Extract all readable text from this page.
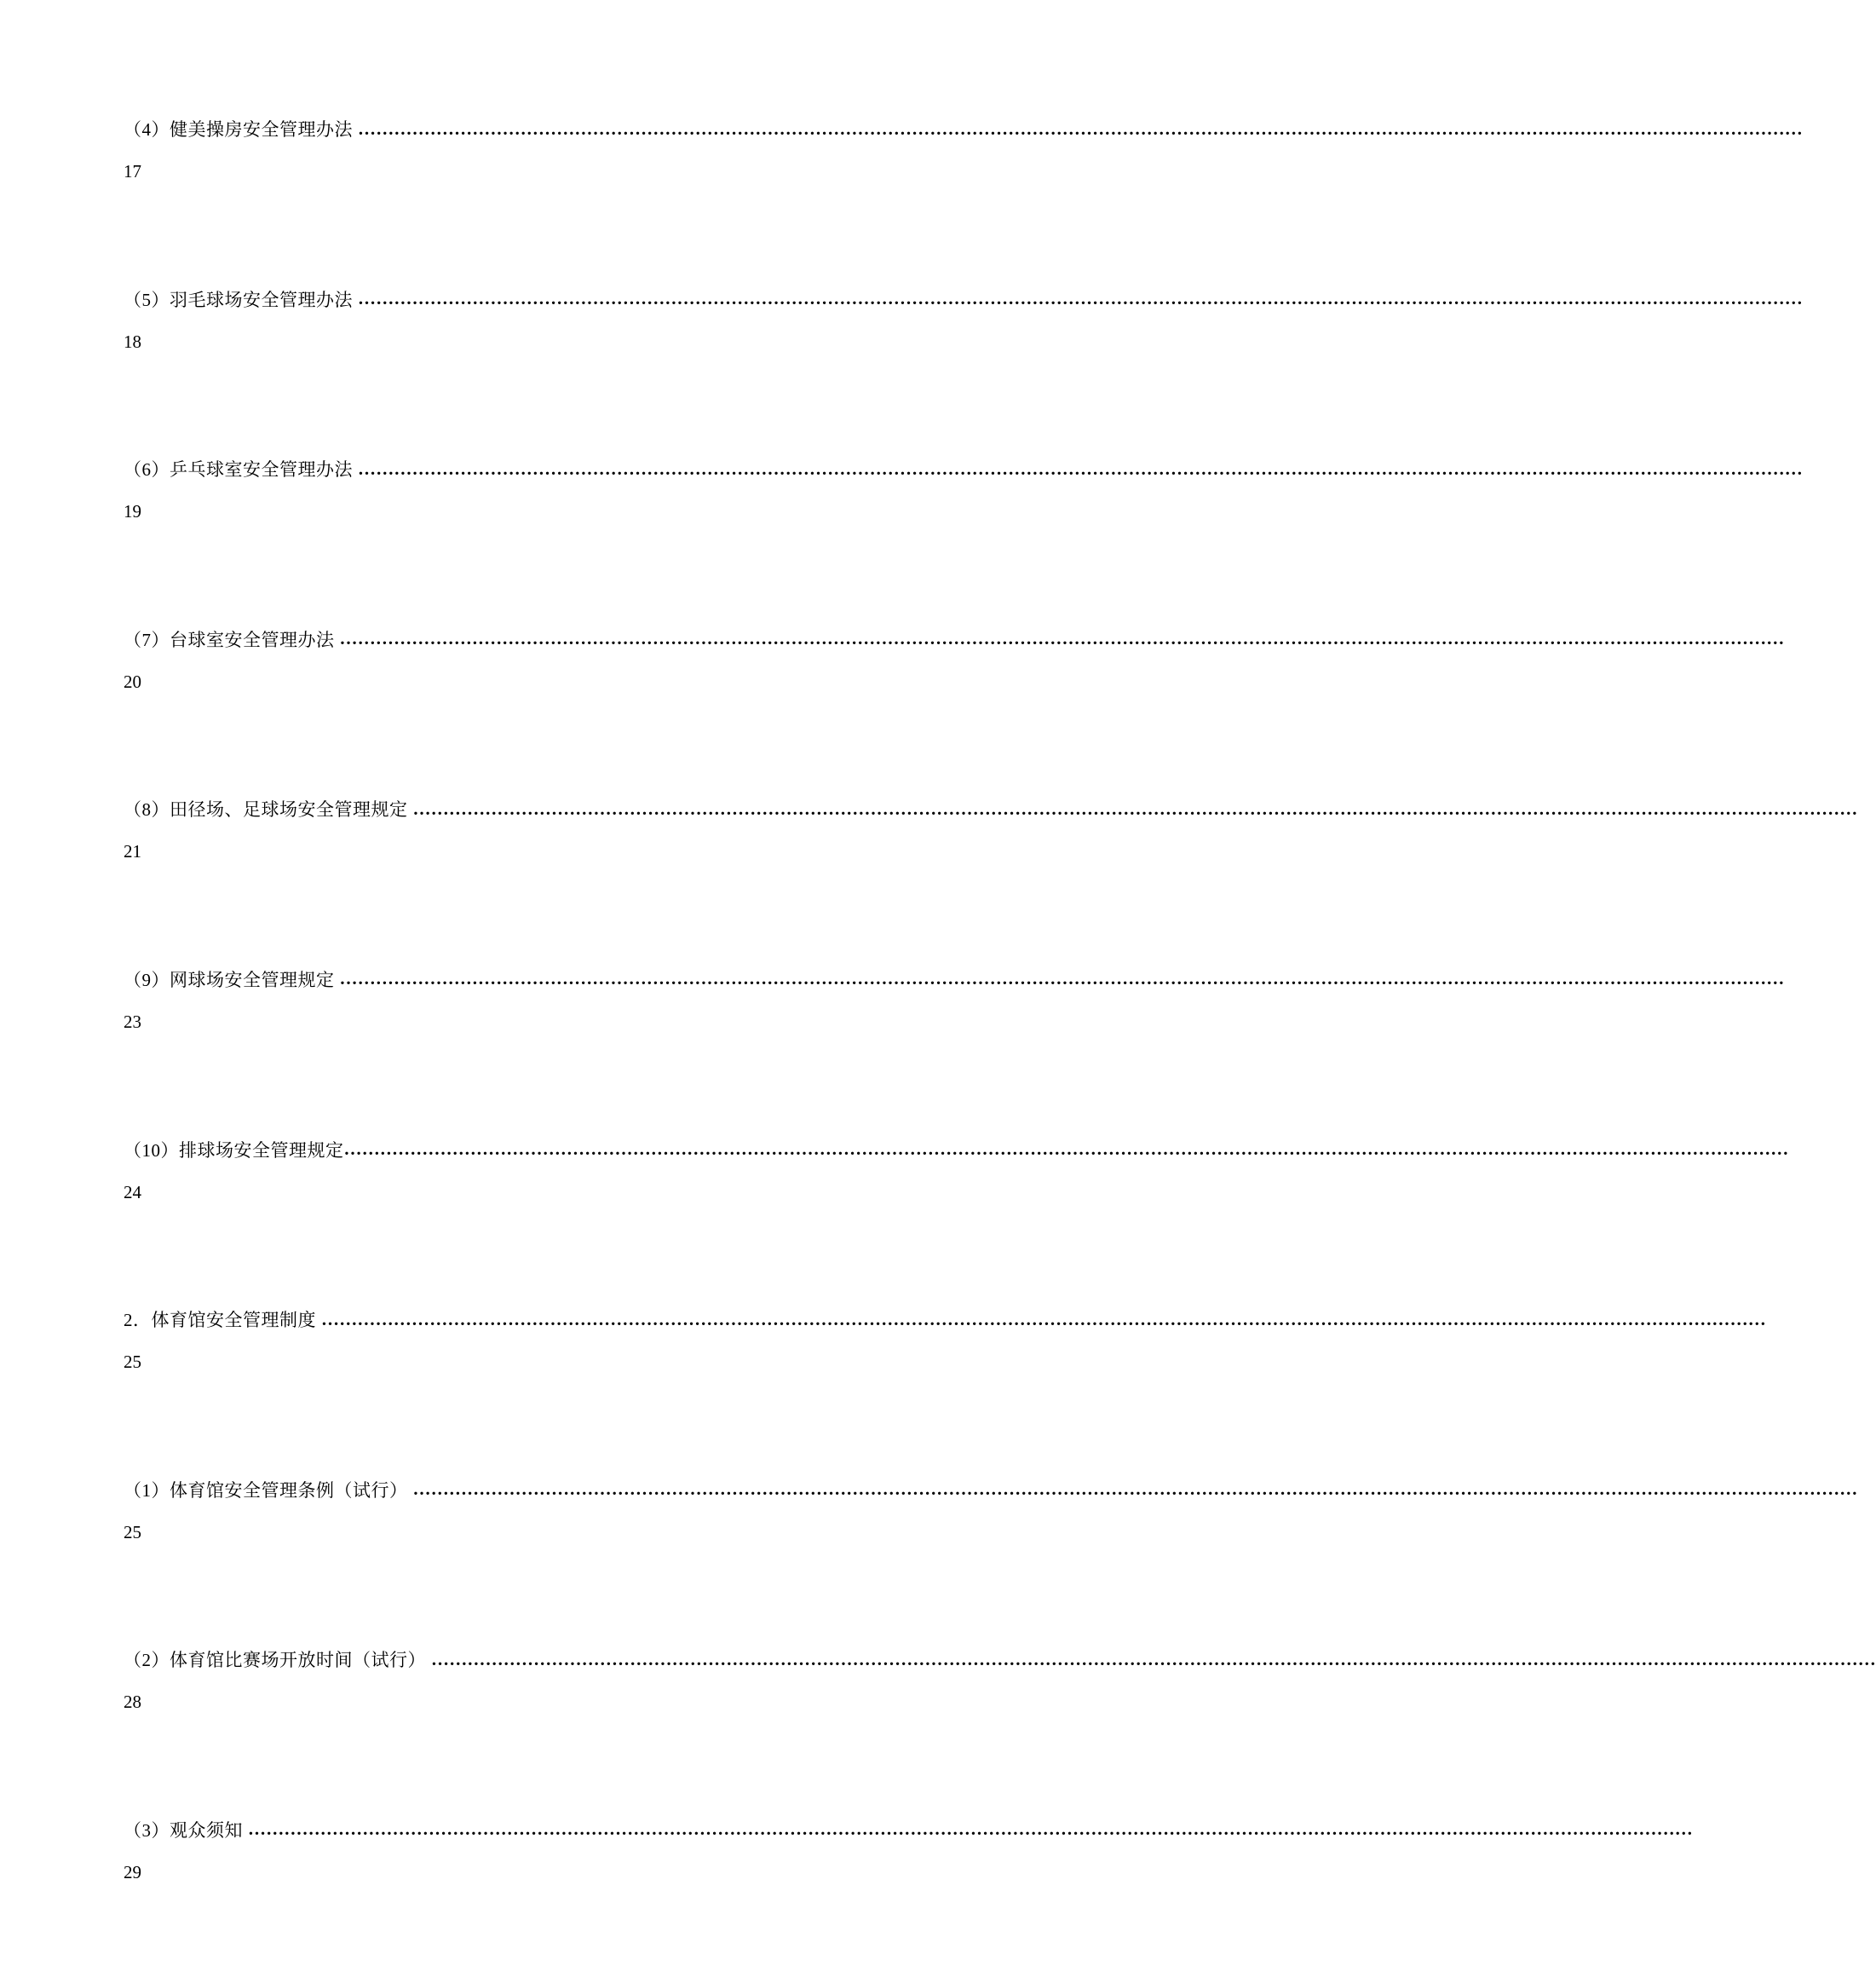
（4）健美操房安全管理办法 ……………………………………………………………………………………………………………………………………………………………………………………………………………………
17
（5）羽毛球场安全管理办法 ……………………………………………………………………………………………………………………………………………………………………………………………………………………
18
（6）乒乓球室安全管理办法 ……………………………………………………………………………………………………………………………………………………………………………………………………………………
19
（7）台球室安全管理办法 ……………………………………………………………………………………………………………………………………………………………………………………………………………………
20
（8）田径场、足球场安全管理规定 ……………………………………………………………………………………………………………………………………………………………………………………………………………………
21
（9）网球场安全管理规定 ……………………………………………………………………………………………………………………………………………………………………………………………………………………
23
（10）排球场安全管理规定 ……………………………………………………………………………………………………………………………………………………………………………………………………………………
24
2．体育馆安全管理制度 ……………………………………………………………………………………………………………………………………………………………………………………………………………………
25
（1）体育馆安全管理条例（试行） ……………………………………………………………………………………………………………………………………………………………………………………………………………………
25
（2）体育馆比赛场开放时间（试行） ……………………………………………………………………………………………………………………………………………………………………………………………………………………
28
（3）观众须知 ……………………………………………………………………………………………………………………………………………………………………………………………………………………
29
